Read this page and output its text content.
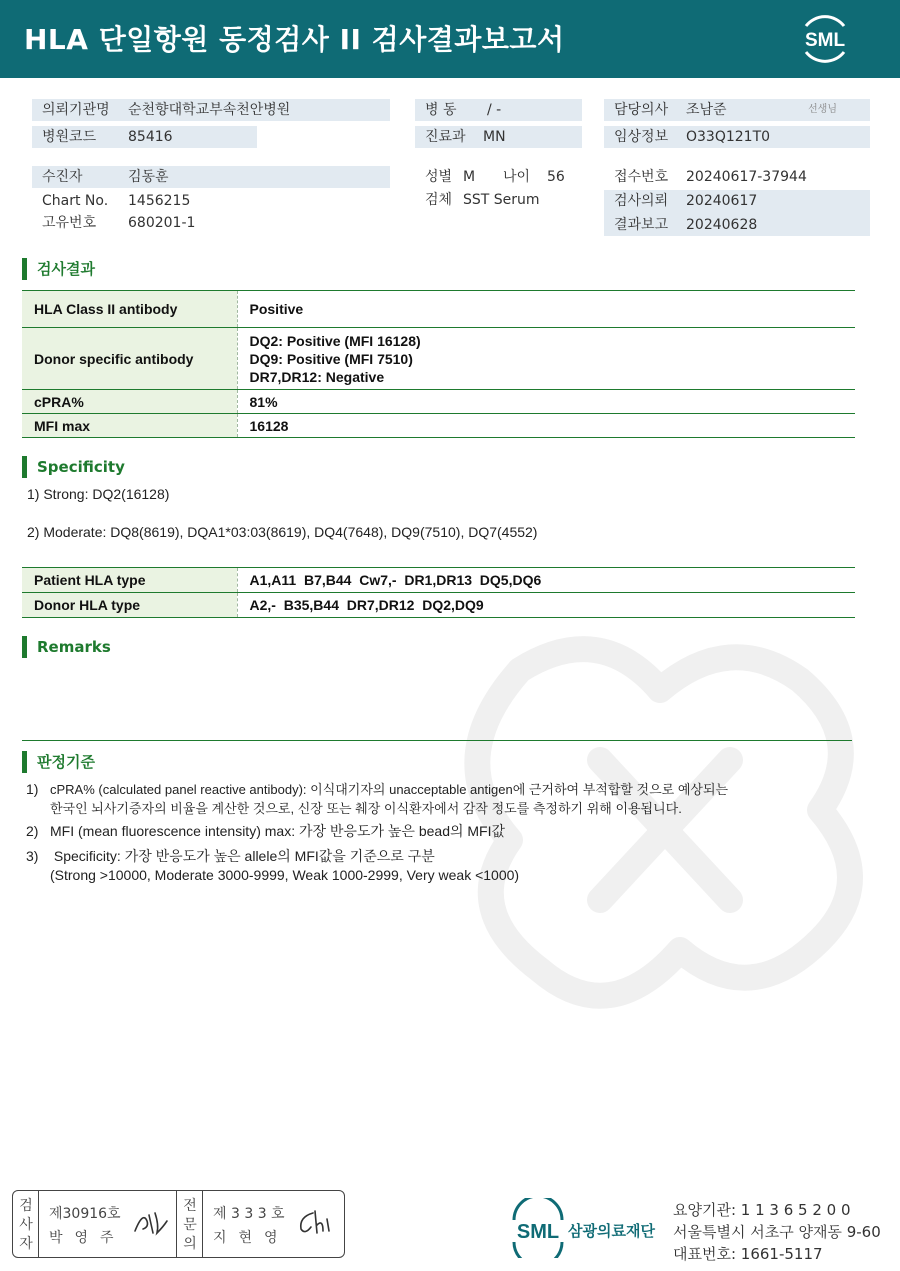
HLA 단일항원 동정검사 II 검사결과보고서	SML
의뢰기관명 순천향대학교부속천안병원
병원코드 85416
병 동 / -
진료과 MN
담당의사 조남준	선생님
임상정보 O33Q121T0
수진자	김동훈
Chart No. 1456215
고유번호 680201-1
성별 M 나이 56
검체 SST Serum
접수번호 20240617-37944
검사의뢰 20240617
결과보고 20240628
검사결과
HLA Class II antibody	Positive
Donor specific antibody	DQ2: Positive (MFI 16128)
DQ9: Positive (MFI 7510)
DR7,DR12: Negative

cPRA%	81%
MFI max	16128
Specificity
1) Strong: DQ2(16128)
2) Moderate: DQ8(8619), DQA1*03:03(8619), DQ4(7648), DQ9(7510), DQ7(4552)
Patient HLA type	A1,A11  B7,B44  Cw7,-  DR1,DR13  DQ5,DQ6
Donor HLA type	A2,-  B35,B44  DR7,DR12  DQ2,DQ9
Remarks
판정기준
1) cPRA% (calculated panel reactive antibody): 이식대기자의 unacceptable antigen에 근거하여 부적합할 것으로 예상되는
한국인 뇌사기증자의 비율을 계산한 것으로, 신장 또는 췌장 이식환자에서 감작 정도를 측정하기 위해 이용됩니다.
2) MFI (mean fluorescence intensity) max: 가장 반응도가 높은 bead의 MFI값
3) Specificity: 가장 반응도가 높은 allele의 MFI값을 기준으로 구분
(Strong >10000, Moderate 3000-9999, Weak 1000-2999, Very weak <1000)
검
사
자
제30916호
박영주
전
문
의
제 3 3 3 호
지현영	SML 삼광의료재단
요양기관: 1 1 3 6 5 2 0 0
서울특별시 서초구 양재동 9-60
대표번호: 1661-5117
